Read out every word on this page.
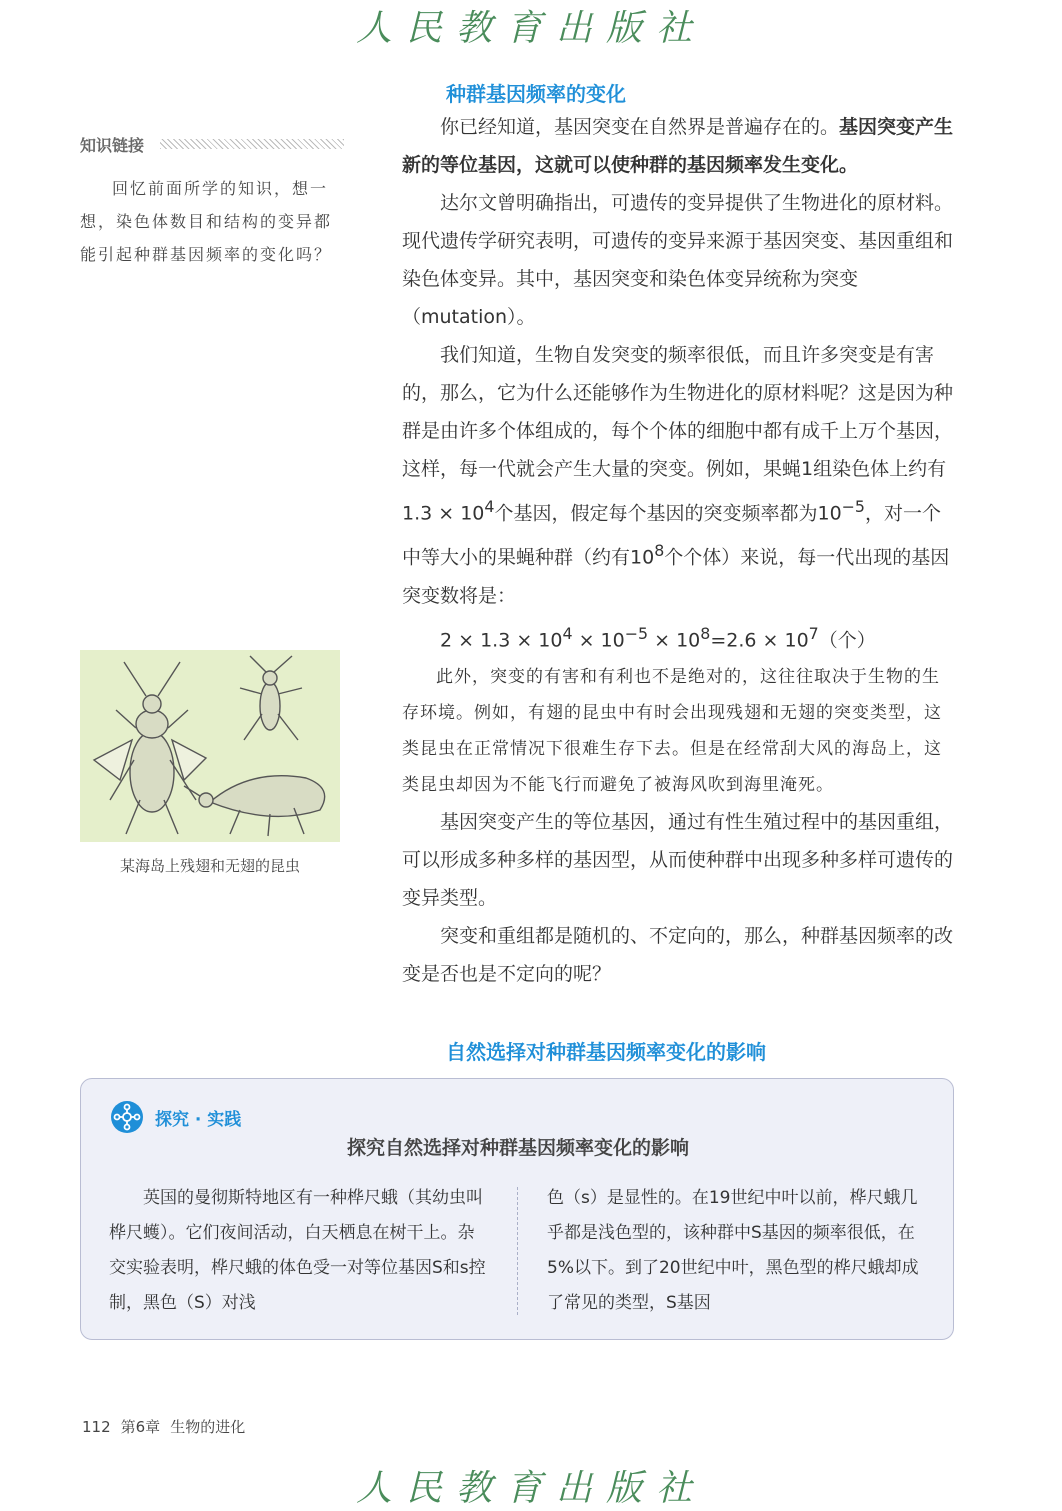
人民教育出版社
种群基因频率的变化
知识链接

回忆前面所学的知识，想一想，染色体数目和结构的变异都能引起种群基因频率的变化吗？

某海岛上残翅和无翅的昆虫

你已经知道，基因突变在自然界是普遍存在的。基因突变产生新的等位基因，这就可以使种群的基因频率发生变化。

达尔文曾明确指出，可遗传的变异提供了生物进化的原材料。现代遗传学研究表明，可遗传的变异来源于基因突变、基因重组和染色体变异。其中，基因突变和染色体变异统称为突变（mutation）。

我们知道，生物自发突变的频率很低，而且许多突变是有害的，那么，它为什么还能够作为生物进化的原材料呢？这是因为种群是由许多个体组成的，每个个体的细胞中都有成千上万个基因，这样，每一代就会产生大量的突变。例如，果蝇1组染色体上约有$1.3 \times 10^4$个基因，假定每个基因的突变频率都为$10^{-5}$，对一个中等大小的果蝇种群（约有$10^8$个个体）来说，每一代出现的基因突变数将是：

$2 \times 1.3 \times 10^4 \times 10^{-5} \times 10^8=2.6 \times 10^7$（个）

此外，突变的有害和有利也不是绝对的，这往往取决于生物的生存环境。例如，有翅的昆虫中有时会出现残翅和无翅的突变类型，这类昆虫在正常情况下很难生存下去。但是在经常刮大风的海岛上，这类昆虫却因为不能飞行而避免了被海风吹到海里淹死。

基因突变产生的等位基因，通过有性生殖过程中的基因重组，可以形成多种多样的基因型，从而使种群中出现多种多样可遗传的变异类型。

突变和重组都是随机的、不定向的，那么，种群基因频率的改变是否也是不定向的呢？

自然选择对种群基因频率变化的影响
探究 · 实践
探究自然选择对种群基因频率变化的影响

英国的曼彻斯特地区有一种桦尺蛾（其幼虫叫桦尺蠖）。它们夜间活动，白天栖息在树干上。杂交实验表明，桦尺蛾的体色受一对等位基因S和s控制，黑色（S）对浅

色（s）是显性的。在19世纪中叶以前，桦尺蛾几乎都是浅色型的，该种群中S基因的频率很低，在5%以下。到了20世纪中叶，黑色型的桦尺蛾却成了常见的类型，S基因

112 第6章 生物的进化
人民教育出版社
